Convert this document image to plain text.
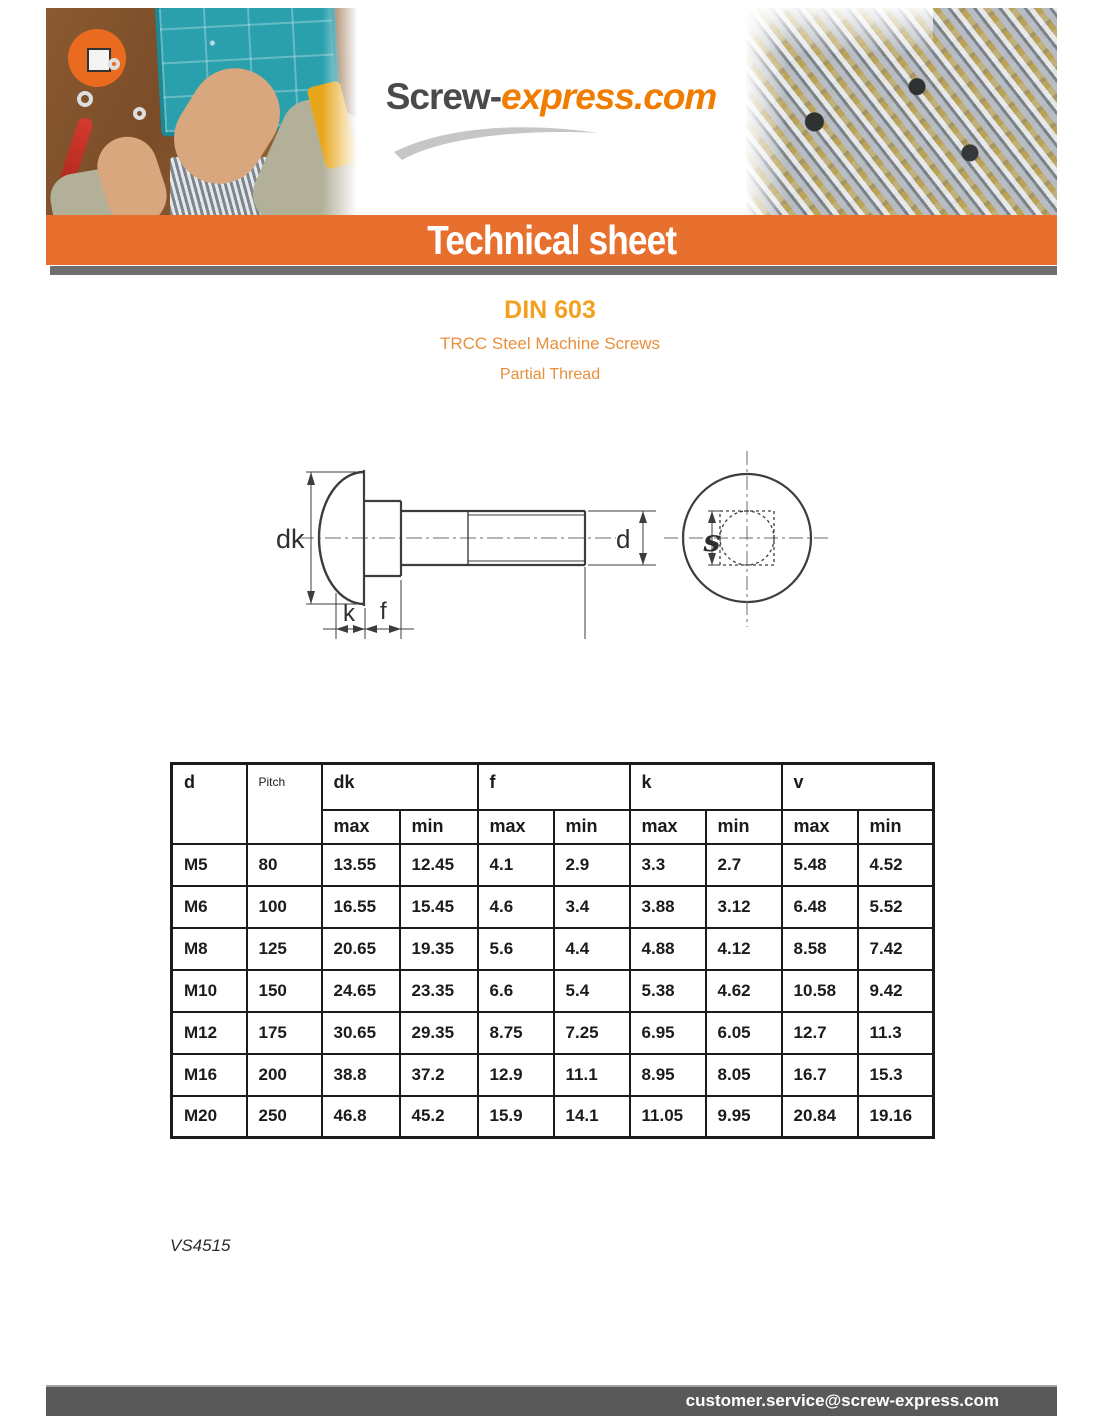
Screw-express.com
Technical sheet
DIN 603
TRCC Steel Machine Screws
Partial Thread
dk
k f
d s
d	Pitch	dk		f		k		v	
		max	min	max	min	max	min	max	min
M5	80	13.55	12.45	4.1	2.9	3.3	2.7	5.48	4.52
M6	100	16.55	15.45	4.6	3.4	3.88	3.12	6.48	5.52
M8	125	20.65	19.35	5.6	4.4	4.88	4.12	8.58	7.42
M10	150	24.65	23.35	6.6	5.4	5.38	4.62	10.58	9.42
M12	175	30.65	29.35	8.75	7.25	6.95	6.05	12.7	11.3
M16	200	38.8	37.2	12.9	11.1	8.95	8.05	16.7	15.3
M20	250	46.8	45.2	15.9	14.1	11.05	9.95	20.84	19.16
VS4515
customer.service@screw-express.com
